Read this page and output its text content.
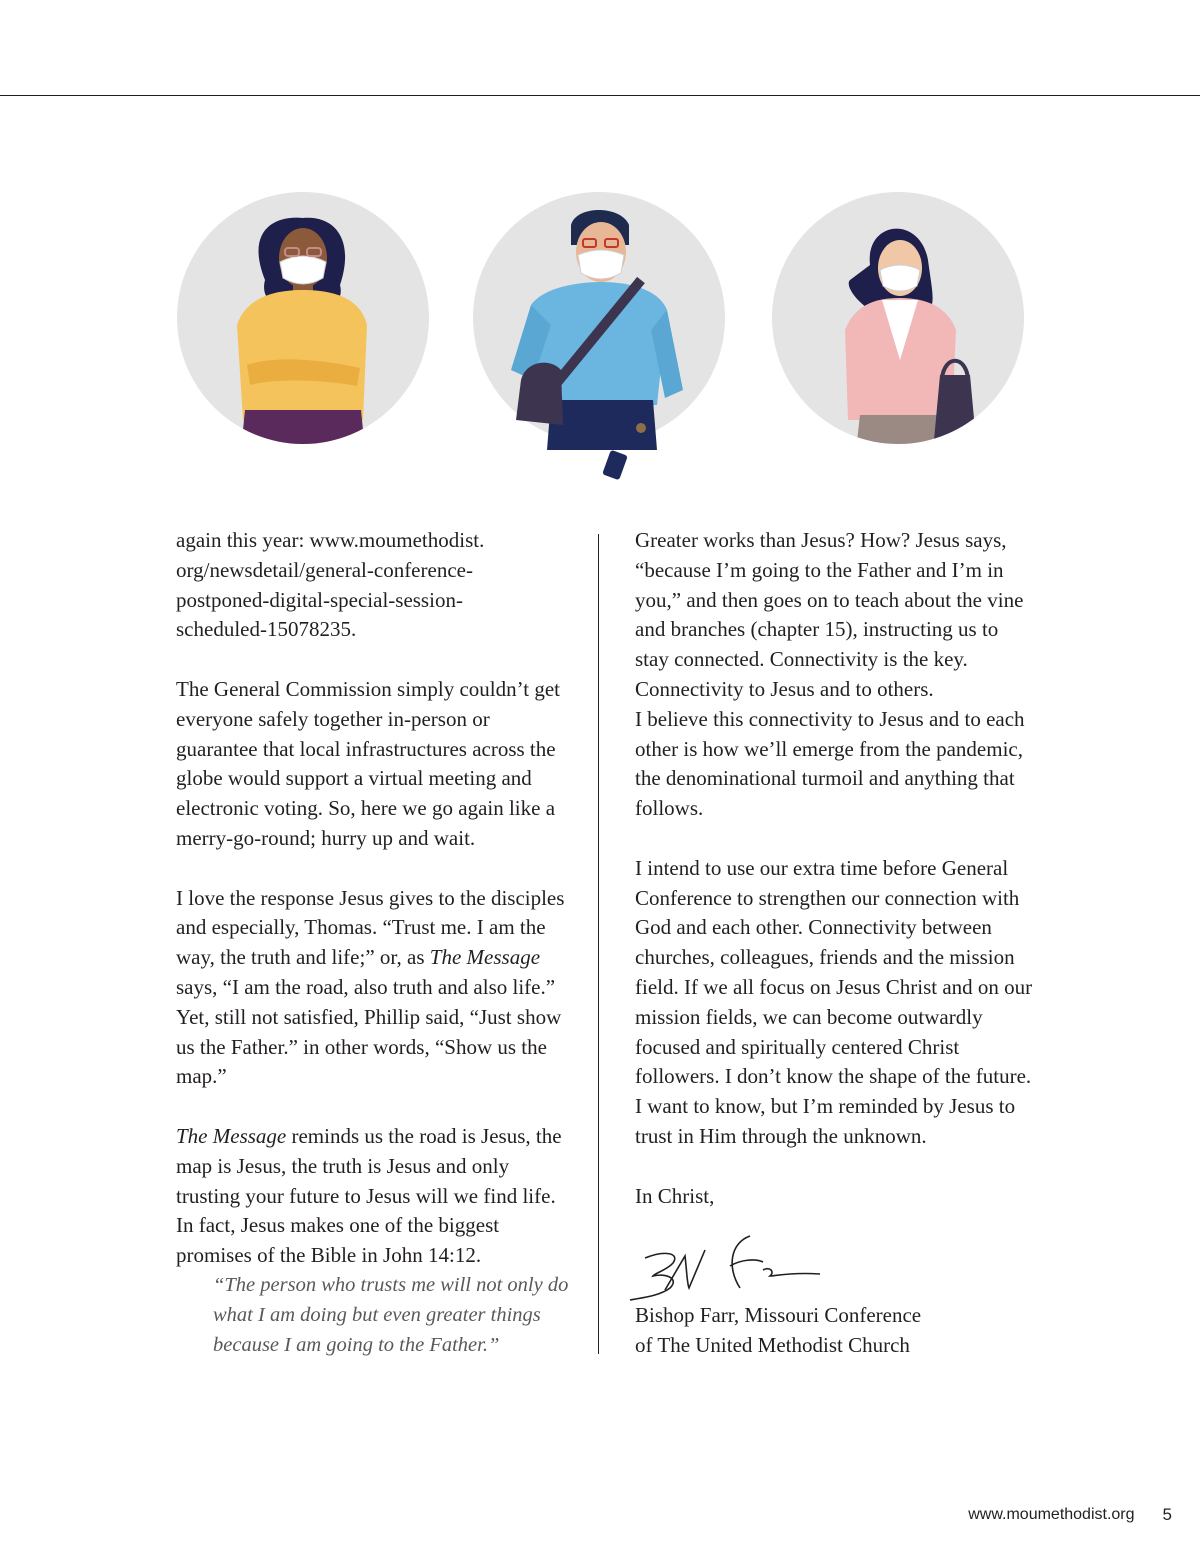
again this year: www.moumethodist.
org/newsdetail/general-conference-
postponed-digital-special-session-
scheduled-15078235.

The General Commission simply couldn’t get everyone safely together in-person or guarantee that local infrastructures across the globe would support a virtual meeting and electronic voting. So, here we go again like a merry-go-round; hurry up and wait.

I love the response Jesus gives to the disciples and especially, Thomas. “Trust me. I am the way, the truth and life;” or, as The Message says, “I am the road, also truth and also life.” Yet, still not satisfied, Phillip said, “Just show us the Father.” in other words, “Show us the map.”

The Message reminds us the road is Jesus, the map is Jesus, the truth is Jesus and only trusting your future to Jesus will we find life. In fact, Jesus makes one of the biggest promises of the Bible in John 14:12.

“The person who trusts me will not only do what I am doing but even greater things because I am going to the Father.”

Greater works than Jesus? How? Jesus says, “because I’m going to the Father and I’m in you,” and then goes on to teach about the vine and branches (chapter 15), instructing us to stay connected. Connectivity is the key. Connectivity to Jesus and to others.

I believe this connectivity to Jesus and to each other is how we’ll emerge from the pandemic, the denominational turmoil and anything that follows.

I intend to use our extra time before General Conference to strengthen our connection with God and each other. Connectivity between churches, colleagues, friends and the mission field. If we all focus on Jesus Christ and on our mission fields, we can become outwardly focused and spiritually centered Christ followers. I don’t know the shape of the future. I want to know, but I’m reminded by Jesus to trust in Him through the unknown.

In Christ,

Bishop Farr, Missouri Conference
of The United Methodist Church
www.moumethodist.org 5
